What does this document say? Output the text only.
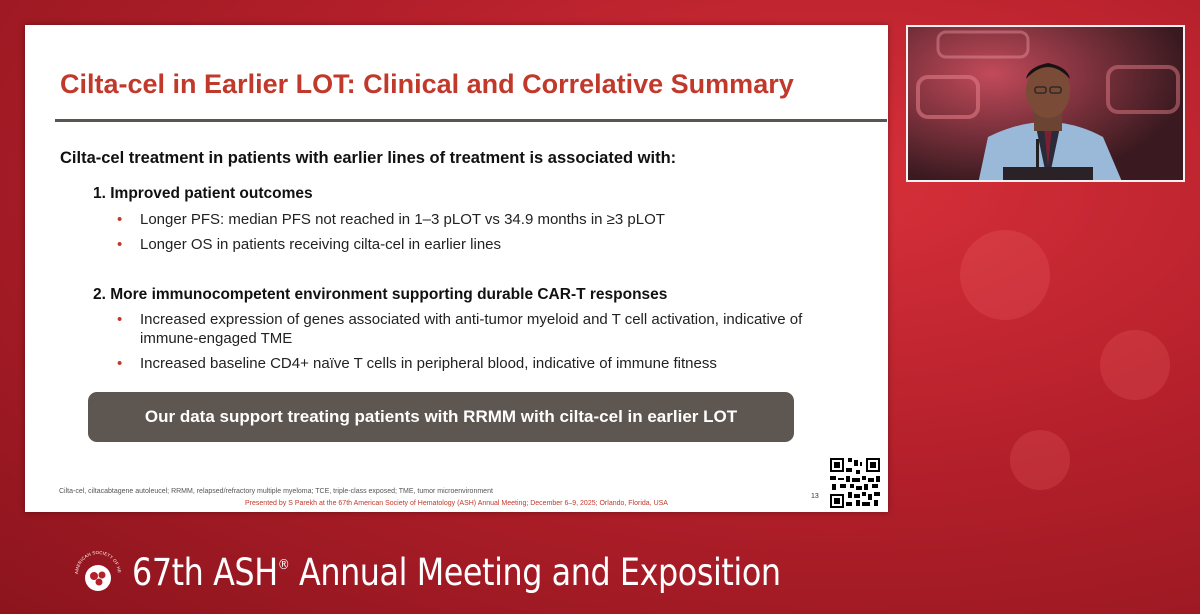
Cilta-cel in Earlier LOT: Clinical and Correlative Summary
Cilta-cel treatment in patients with earlier lines of treatment is associated with:
1. Improved patient outcomes
•	Longer PFS: median PFS not reached in 1–3 pLOT vs 34.9 months in ≥3 pLOT
•	Longer OS in patients receiving cilta-cel in earlier lines
2. More immunocompetent environment supporting durable CAR-T responses
•	Increased expression of genes associated with anti-tumor myeloid and T cell activation, indicative of immune-engaged TME
•	Increased baseline CD4+ naïve T cells in peripheral blood, indicative of immune fitness
Our data support treating patients with RRMM with cilta-cel in earlier LOT
Cilta-cel, ciltacabtagene autoleucel; RRMM, relapsed/refractory multiple myeloma; TCE, triple-class exposed; TME, tumor microenvironment
13
Presented by S Parekh at the 67th American Society of Hematology (ASH) Annual Meeting; December 6–9, 2025; Orlando, Florida, USA
AMERICAN SOCIETY OF HE 67th ASH® Annual Meeting and Exposition
